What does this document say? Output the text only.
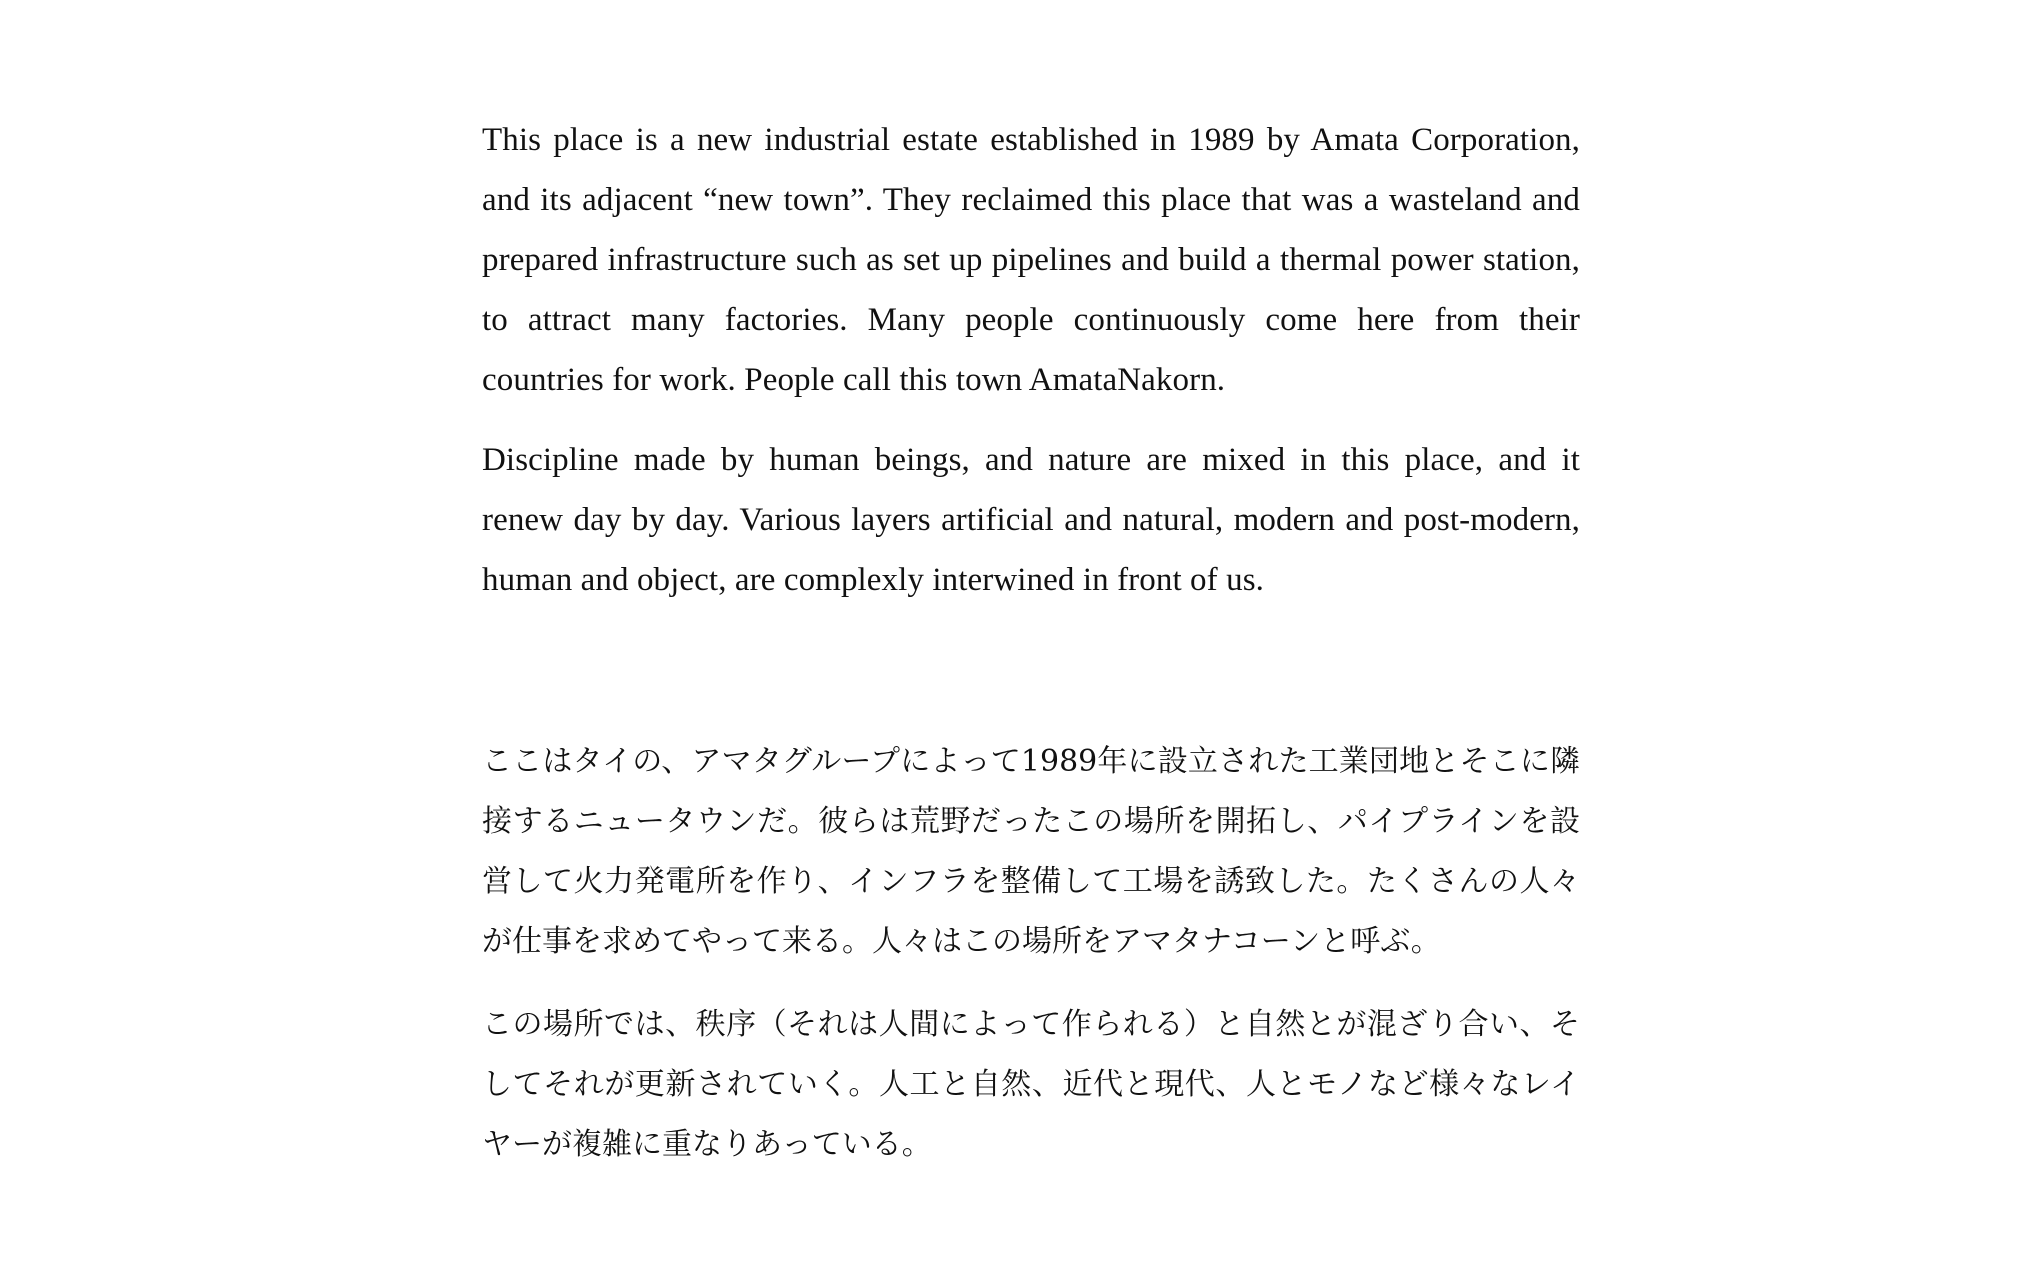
This place is a new industrial estate established in 1989 by Amata Corporation, and its adjacent “new town”. They reclaimed this place that was a wasteland and prepared infrastructure such as set up pipelines and build a thermal power station, to attract many factories. Many people continuously come here from their countries for work. People call this town AmataNakorn.

Discipline made by human beings, and nature are mixed in this place, and it renew day by day. Various layers artificial and natural, modern and post-modern, human and object, are complexly interwined in front of us.

ここはタイの、アマタグループによって1989年に設立された工業団地とそこに隣接するニュータウンだ。彼らは荒野だったこの場所を開拓し、パイプラインを設営して火力発電所を作り、インフラを整備して工場を誘致した。たくさんの人々が仕事を求めてやって来る。人々はこの場所をアマタナコーンと呼ぶ。

この場所では、秩序（それは人間によって作られる）と自然とが混ざり合い、そしてそれが更新されていく。人工と自然、近代と現代、人とモノなど様々なレイヤーが複雑に重なりあっている。
